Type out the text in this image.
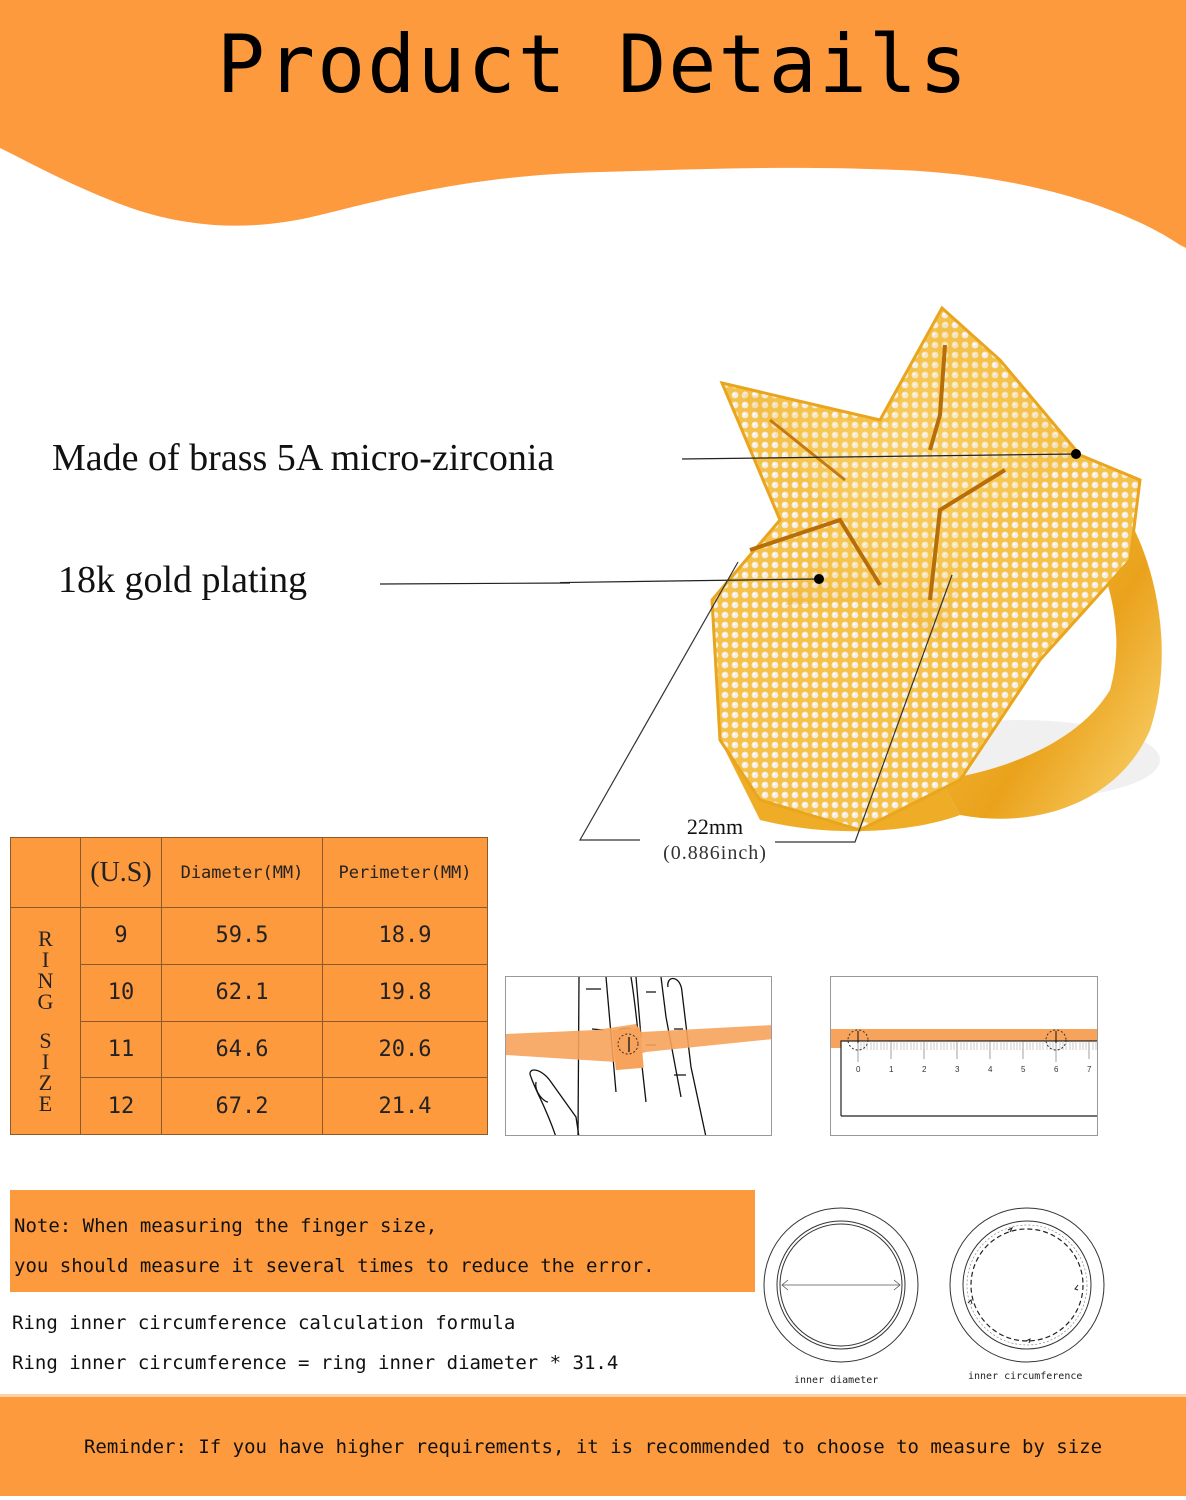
Product Details
Made of brass 5A micro-zirconia
18k gold plating
22mm
(0.886inch)
	(U.S)	Diameter(MM)	Perimeter(MM)

R
I
N
G
S
I
Z
E
	9	59.5	18.9
	10	62.1	19.8
	11	64.6	20.6
	12	67.2	21.4
0	1	2	3	4	5	6	7
Note: When measuring the finger size,
you should measure it several times to reduce the error.
Ring inner circumference calculation formula
Ring inner circumference = ring inner diameter * 31.4
inner diameter	inner circumference
Reminder: If you have higher requirements, it is recommended to choose to measure by size
